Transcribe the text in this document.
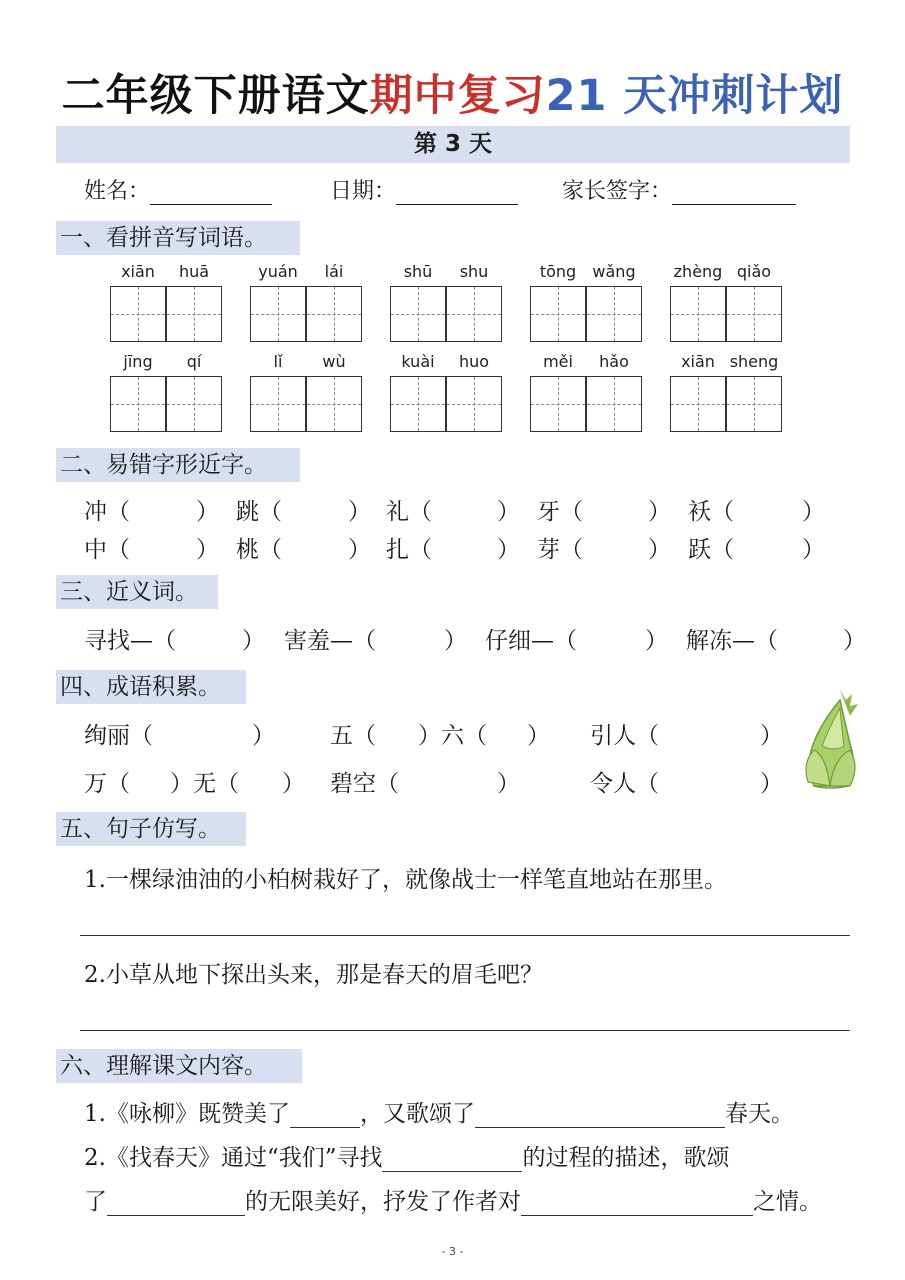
二年级下册语文期中复习21 天冲刺计划
第 3 天
姓名：	日期：	家长签字：
一、看拼音写词语。
xiān huā	yuán lái	shū shu	tōng wǎng	zhèng qiǎo
jīng qí	lǐ wù	kuài huo	měi hǎo	xiān sheng
二、易错字形近字。
冲（	） 跳（	） 礼（	） 牙（	） 袄（	）
中（	） 桃（	） 扎（	） 芽（	） 跃（	）
三、近义词。
寻找—（	） 害羞—（	） 仔细—（	） 解冻—（	）
四、成语积累。
绚丽（	） 五（ ）六（ ） 引人（	）
万（ ）无（ ） 碧空（	）	令人（	）
五、句子仿写。
1.一棵绿油油的小柏树栽好了，就像战士一样笔直地站在那里。
2.小草从地下探出头来，那是春天的眉毛吧？
六、理解课文内容。
1.《咏柳》既赞美了	，又歌颂了	春天。
2.《找春天》通过“我们”寻找	的过程的描述，歌颂
了	的无限美好，抒发了作者对	之情。
- 3 -
